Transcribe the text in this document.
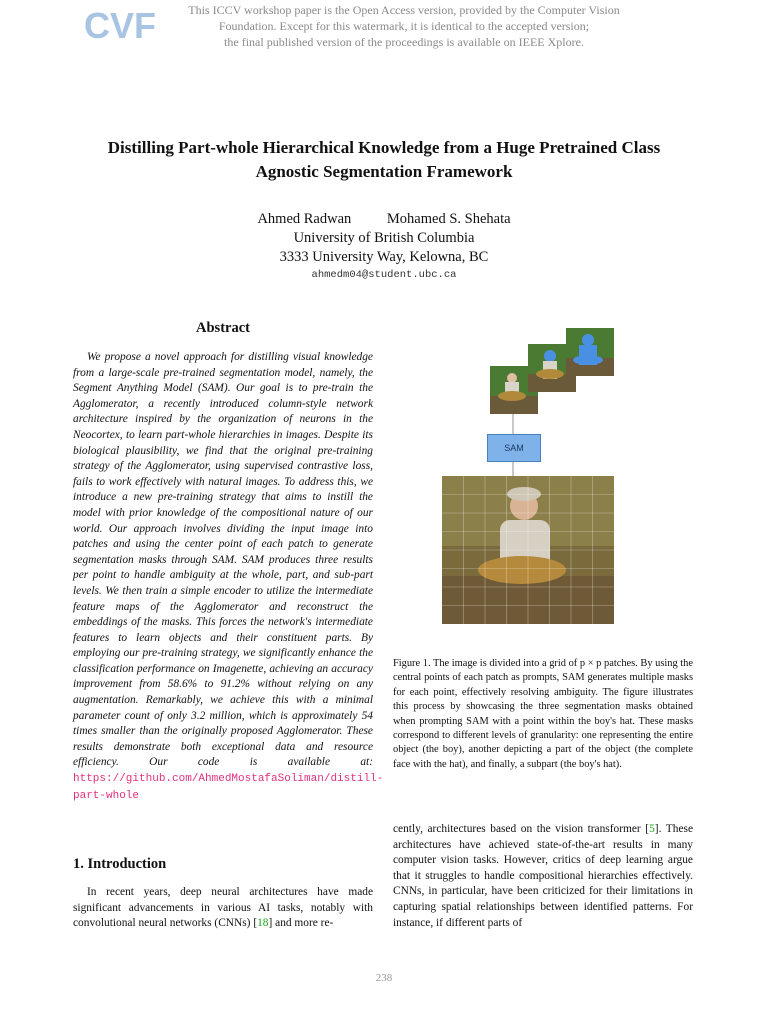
CVF	This ICCV workshop paper is the Open Access version, provided by the Computer Vision
Foundation. Except for this watermark, it is identical to the accepted version;
the final published version of the proceedings is available on IEEE Xplore.
Distilling Part-whole Hierarchical Knowledge from a Huge Pretrained Class
Agnostic Segmentation Framework
Ahmed Radwan Mohamed S. Shehata
University of British Columbia
3333 University Way, Kelowna, BC
ahmedm04@student.ubc.ca
Abstract
We propose a novel approach for distilling visual knowledge from a large-scale pre-trained segmentation model, namely, the Segment Anything Model (SAM). Our goal is to pre-train the Agglomerator, a recently introduced column-style network architecture inspired by the organization of neurons in the Neocortex, to learn part-whole hierarchies in images. Despite its biological plausibility, we find that the original pre-training strategy of the Agglomerator, using supervised contrastive loss, fails to work effectively with natural images. To address this, we introduce a new pre-training strategy that aims to instill the model with prior knowledge of the compositional nature of our world. Our approach involves dividing the input image into patches and using the center point of each patch to generate segmentation masks through SAM. SAM produces three results per point to handle ambiguity at the whole, part, and sub-part levels. We then train a simple encoder to utilize the intermediate feature maps of the Agglomerator and reconstruct the embeddings of the masks. This forces the network's intermediate features to learn objects and their constituent parts. By employing our pre-training strategy, we significantly enhance the classification performance on Imagenette, achieving an accuracy improvement from 58.6% to 91.2% without relying on any augmentation. Remarkably, we achieve this with a minimal parameter count of only 3.2 million, which is approximately 54 times smaller than the originally proposed Agglomerator. These results demonstrate both exceptional data and resource efficiency. Our code is available at: https://github.com/AhmedMostafaSoliman/distill-part-whole
SAM
Figure 1. The image is divided into a grid of p × p patches. By using the central points of each patch as prompts, SAM generates multiple masks for each point, effectively resolving ambiguity. The figure illustrates this process by showcasing the three segmentation masks obtained when prompting SAM with a point within the boy's hat. These masks correspond to different levels of granularity: one representing the entire object (the boy), another depicting a part of the object (the complete face with the hat), and finally, a subpart (the boy's hat).
1. Introduction
In recent years, deep neural architectures have made significant advancements in various AI tasks, notably with convolutional neural networks (CNNs) [18] and more re-
cently, architectures based on the vision transformer [5]. These architectures have achieved state-of-the-art results in many computer vision tasks. However, critics of deep learning argue that it struggles to handle compositional hierarchies effectively. CNNs, in particular, have been criticized for their limitations in capturing spatial relationships between identified patterns. For instance, if different parts of
238
